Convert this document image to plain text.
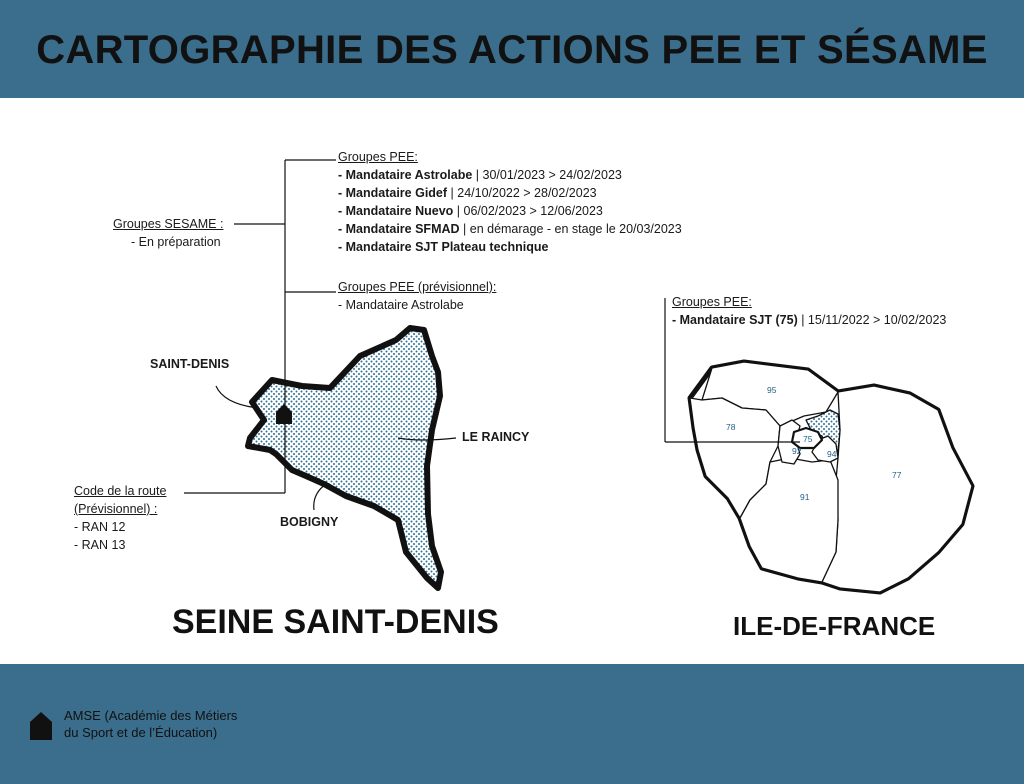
CARTOGRAPHIE DES ACTIONS PEE ET SÉSAME
95
78
75
92	94
91
77
Groupes PEE:
- Mandataire Astrolabe | 30/01/2023 > 24/02/2023
- Mandataire Gidef | 24/10/2022 > 28/02/2023
- Mandataire Nuevo | 06/02/2023 > 12/06/2023
- Mandataire SFMAD | en démarage - en stage le 20/03/2023
- Mandataire SJT Plateau technique
Groupes SESAME :
- En préparation
Groupes PEE (prévisionnel):
- Mandataire Astrolabe
Code de la route
(Prévisionnel) :
- RAN 12
- RAN 13
SAINT-DENIS
LE RAINCY
BOBIGNY
SEINE SAINT-DENIS
Groupes PEE:
- Mandataire SJT (75) | 15/11/2022 > 10/02/2023
ILE-DE-FRANCE
AMSE (Académie des Métiers
du Sport et de l’Éducation)
